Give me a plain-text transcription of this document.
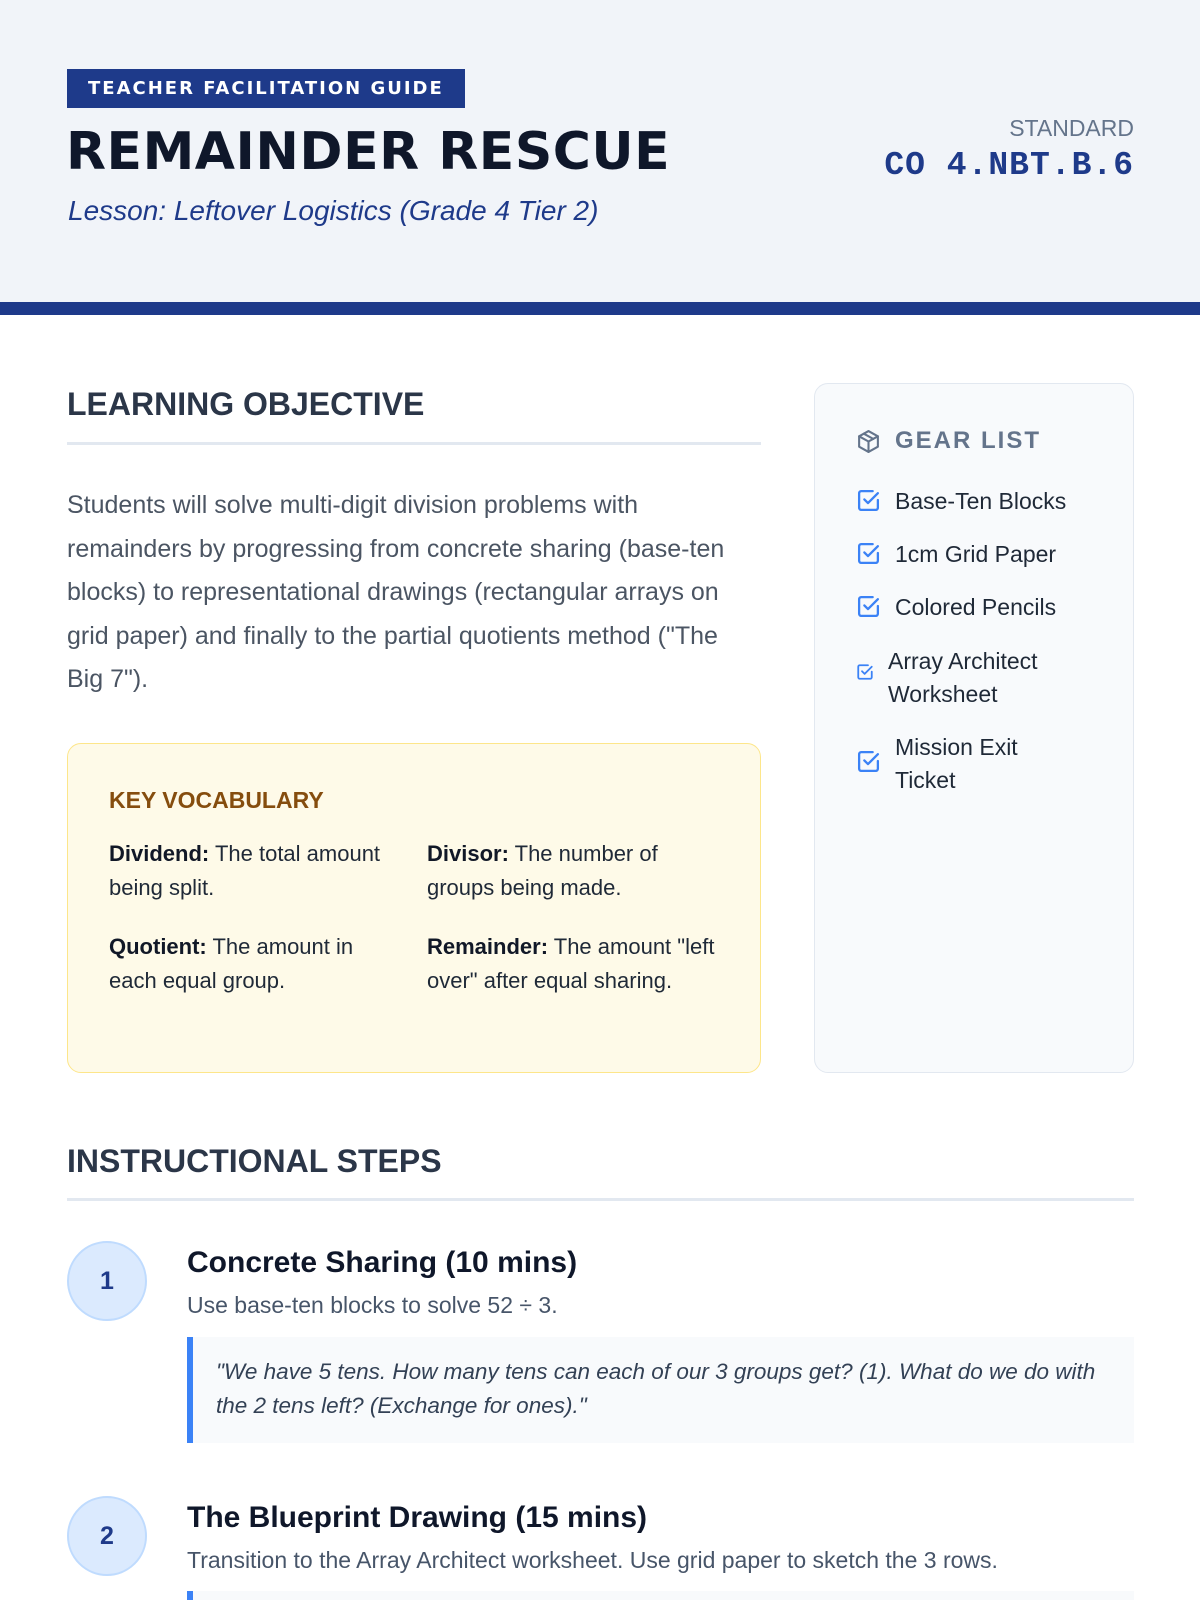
TEACHER FACILITATION GUIDE
REMAINDER RESCUE
Lesson: Leftover Logistics (Grade 4 Tier 2)
STANDARD
CO 4.NBT.B.6
LEARNING OBJECTIVE
Students will solve multi-digit division problems with remainders by progressing from concrete sharing (base-ten blocks) to representational drawings (rectangular arrays on grid paper) and finally to the partial quotients method ("The Big 7").
KEY VOCABULARY
Dividend: The total amount being split.
Divisor: The number of groups being made.
Quotient: The amount in each equal group.
Remainder: The amount "left over" after equal sharing.
GEAR LIST
Base-Ten Blocks
1cm Grid Paper
Colored Pencils
Array Architect Worksheet
Mission Exit Ticket
INSTRUCTIONAL STEPS
1
Concrete Sharing (10 mins)
Use base-ten blocks to solve 52 ÷ 3.

"We have 5 tens. How many tens can each of our 3 groups get? (1). What do we do with the 2 tens left? (Exchange for ones)."

2
The Blueprint Drawing (15 mins)
Transition to the Array Architect worksheet. Use grid paper to sketch the 3 rows.
